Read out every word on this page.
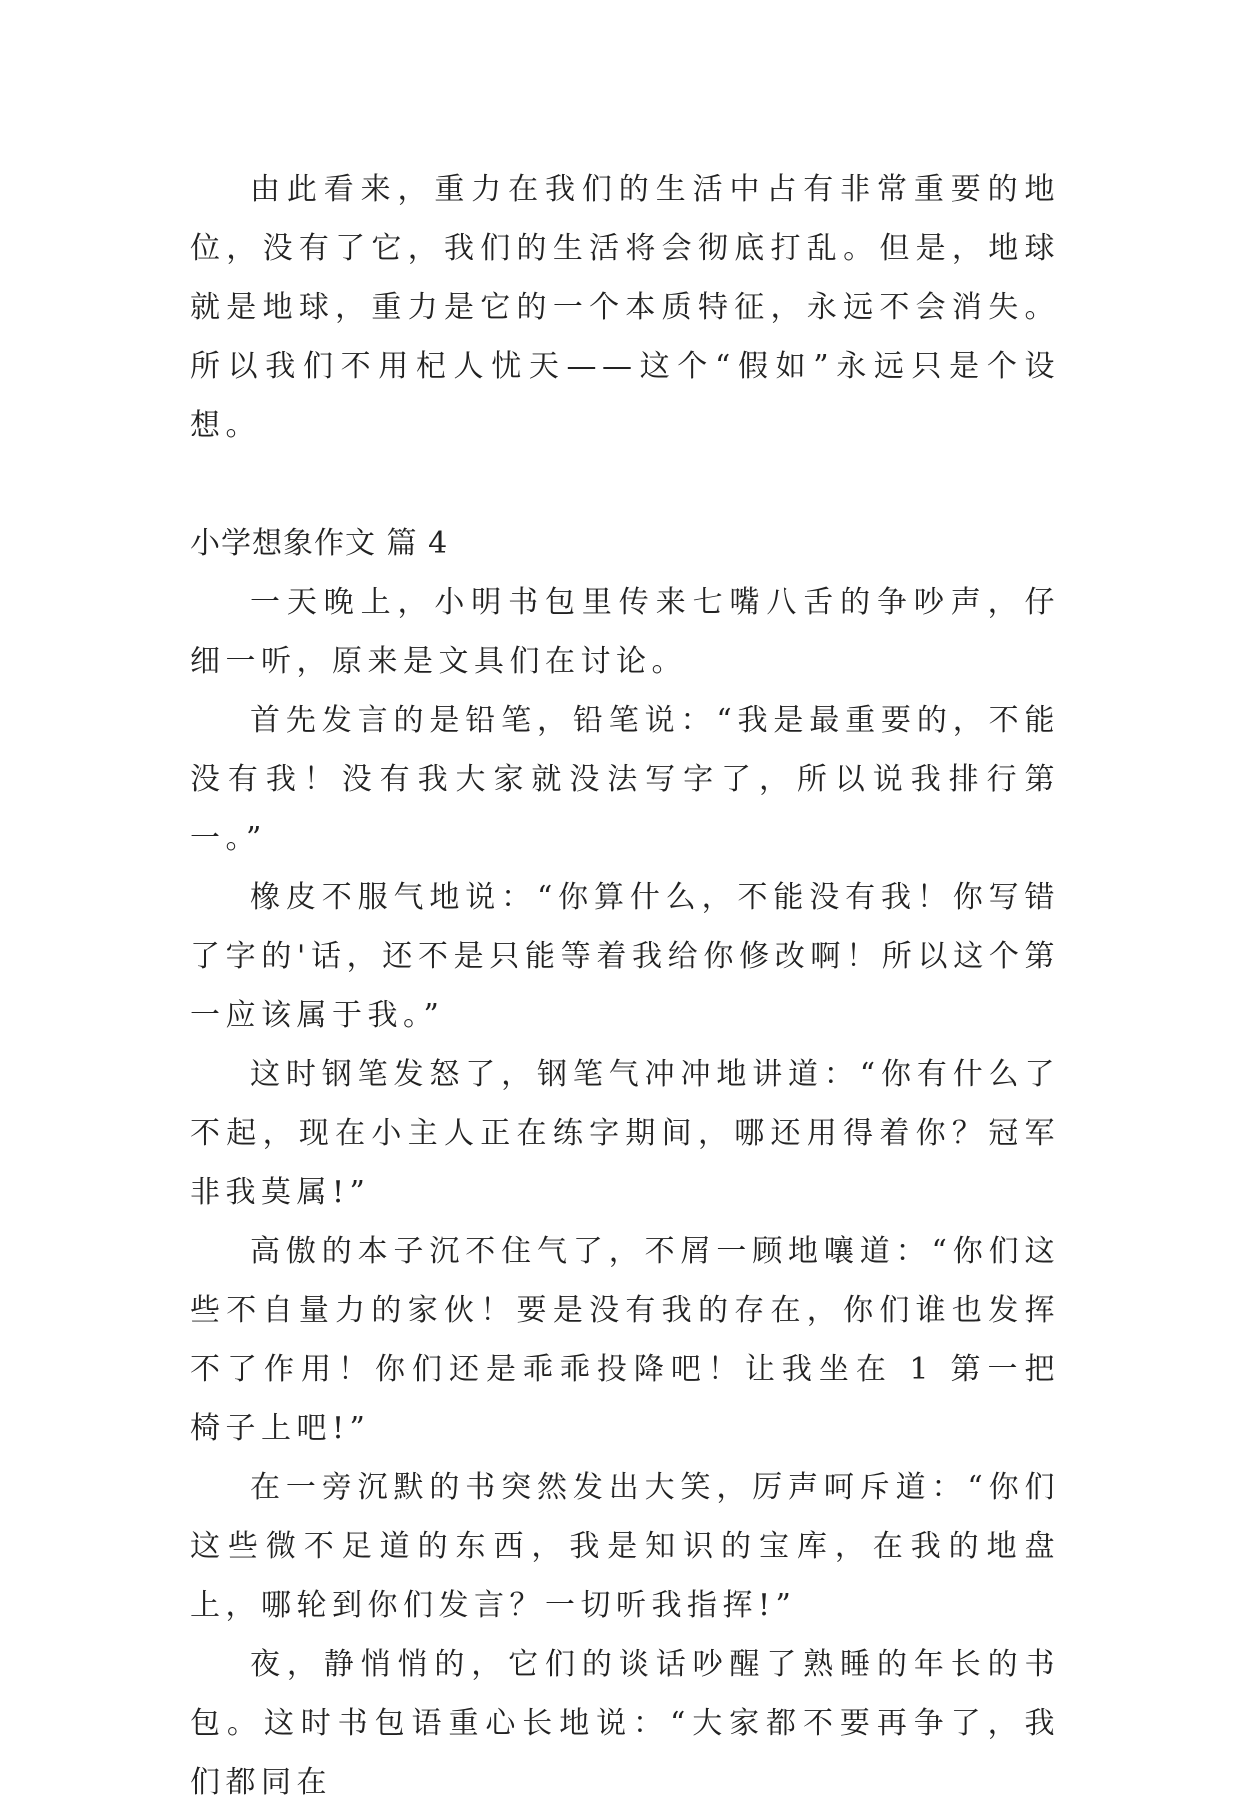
由此看来，重力在我们的生活中占有非常重要的地位，没有了它，我们的生活将会彻底打乱。但是，地球就是地球，重力是它的一个本质特征，永远不会消失。所以我们不用杞人忧天——这个“假如”永远只是个设想。

小学想象作文 篇 4

一天晚上，小明书包里传来七嘴八舌的争吵声，仔细一听，原来是文具们在讨论。

首先发言的是铅笔，铅笔说：“我是最重要的，不能没有我！没有我大家就没法写字了，所以说我排行第一。”

橡皮不服气地说：“你算什么，不能没有我！你写错了字的'话，还不是只能等着我给你修改啊！所以这个第一应该属于我。”

这时钢笔发怒了，钢笔气冲冲地讲道：“你有什么了不起，现在小主人正在练字期间，哪还用得着你？冠军非我莫属!”

高傲的本子沉不住气了，不屑一顾地嚷道：“你们这些不自量力的家伙！要是没有我的存在，你们谁也发挥不了作用！你们还是乖乖投降吧！让我坐在 1 第一把椅子上吧!”

在一旁沉默的书突然发出大笑，厉声呵斥道：“你们这些微不足道的东西，我是知识的宝库，在我的地盘上，哪轮到你们发言？一切听我指挥!”

夜，静悄悄的，它们的谈话吵醒了熟睡的年长的书包。这时书包语重心长地说：“大家都不要再争了，我们都同在
